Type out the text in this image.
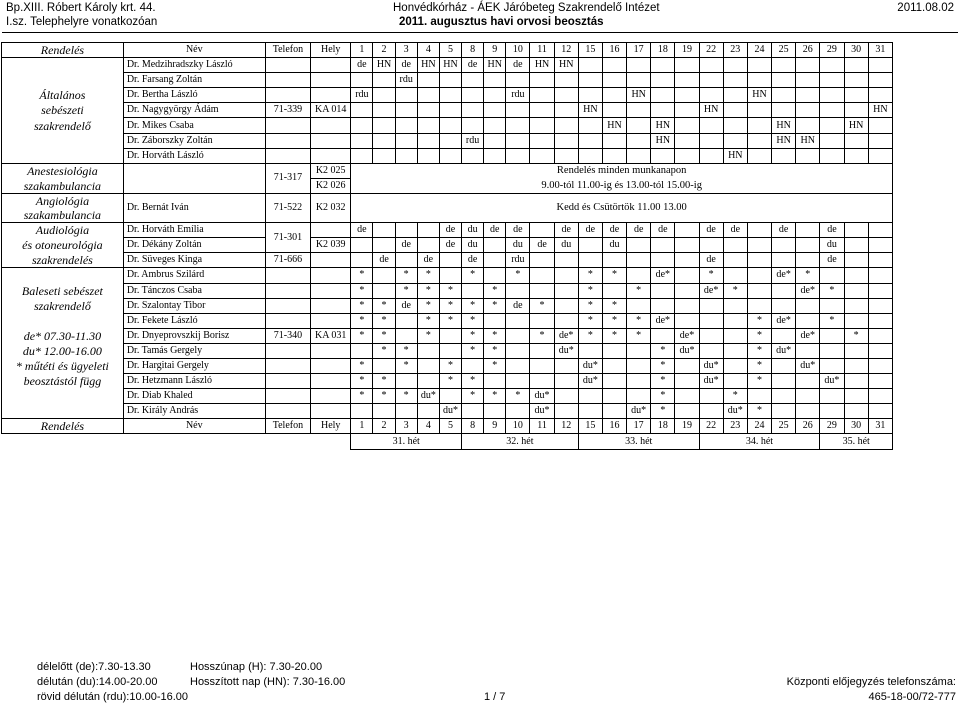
Bp.XIII. Róbert Károly krt. 44.
I.sz. Telephelyre vonatkozóan
Honvédkórház - ÁEK Járóbeteg Szakrendelő Intézet
2011. augusztus havi orvosi beosztás
2011.08.02
Rendelés	Név	Telefon	Hely	1	2	3	4	5	8	9	10	11	12	15	16	17	18	19	22	23	24	25	26	29	30	31
	Dr. Medzihradszky László			de	HN	de	HN	HN	de	HN	de	HN	HN													
	Dr. Farsang Zoltán					rdu																				
Általános	Dr. Bertha László			rdu							rdu					HN					HN					
sebészeti	Dr. Nagygyörgy Ádám	71-339	KA 014											HN					HN							HN
szakrendelő	Dr. Mikes Csaba														HN		HN					HN			HN	
	Dr. Záborszky Zoltán								rdu								HN					HN	HN			
	Dr. Horváth László																			HN						
Anestesiológia		71-317	K2 025	Rendelés minden munkanapon																						
szakambulancia			K2 026	9.00-tól 11.00-ig és 13.00-tól 15.00-ig																						
Angiológia	Dr. Bernát Iván	71-522	K2 032	Kedd és Csütörtök 11.00 13.00																						
szakambulancia																										
Audiológia	Dr. Horváth Emília	71-301		de				de	du	de	de		de	de	de	de	de		de	de		de		de		
és otoneurológia	Dr. Dékány Zoltán		K2 039			de		de	du		du	de	du		du									du		
szakrendelés	Dr. Süveges Kinga	71-666			de		de		de		rdu								de					de		
	Dr. Ambrus Szilárd			*		*	*		*		*			*	*		de*		*			de*	*			
Baleseti sebészet	Dr. Tánczos Csaba			*		*	*	*		*				*		*			de*	*			de*	*		
szakrendelő	Dr. Szalontay Tibor			*	*	de	*	*	*	*	de	*		*	*											
	Dr. Fekete László			*	*		*	*	*					*	*	*	de*				*	de*		*		
de* 07.30-11.30	Dr. Dnyeprovszkij Borisz	71-340	KA 031	*	*		*		*	*		*	de*	*	*	*		de*			*		de*		*	
du* 12.00-16.00	Dr. Tamás Gergely				*	*			*	*			du*				*	du*			*	du*				
* műtéti és ügyeleti	Dr. Hargitai Gergely			*		*		*		*				du*			*		du*		*		du*			
beosztástól függ	Dr. Hetzmann László			*	*			*	*					du*			*		du*		*			du*		
	Dr. Diab Khaled			*	*	*	du*		*	*	*	du*					*			*						
	Dr. Király András							du*				du*				du*	*			du*	*					
Rendelés	Név	Telefon	Hely	1	2	3	4	5	8	9	10	11	12	15	16	17	18	19	22	23	24	25	26	29	30	31
				31. hét					32. hét					33. hét					34. hét					35. hét		
délelőtt (de):7.30-13.30
délután (du):14.00-20.00
rövid délután (rdu):10.00-16.00
Hosszúnap (H): 7.30-20.00
Hosszított nap (HN): 7.30-16.00
1 / 7
Központi előjegyzés telefonszáma:
465-18-00/72-777
